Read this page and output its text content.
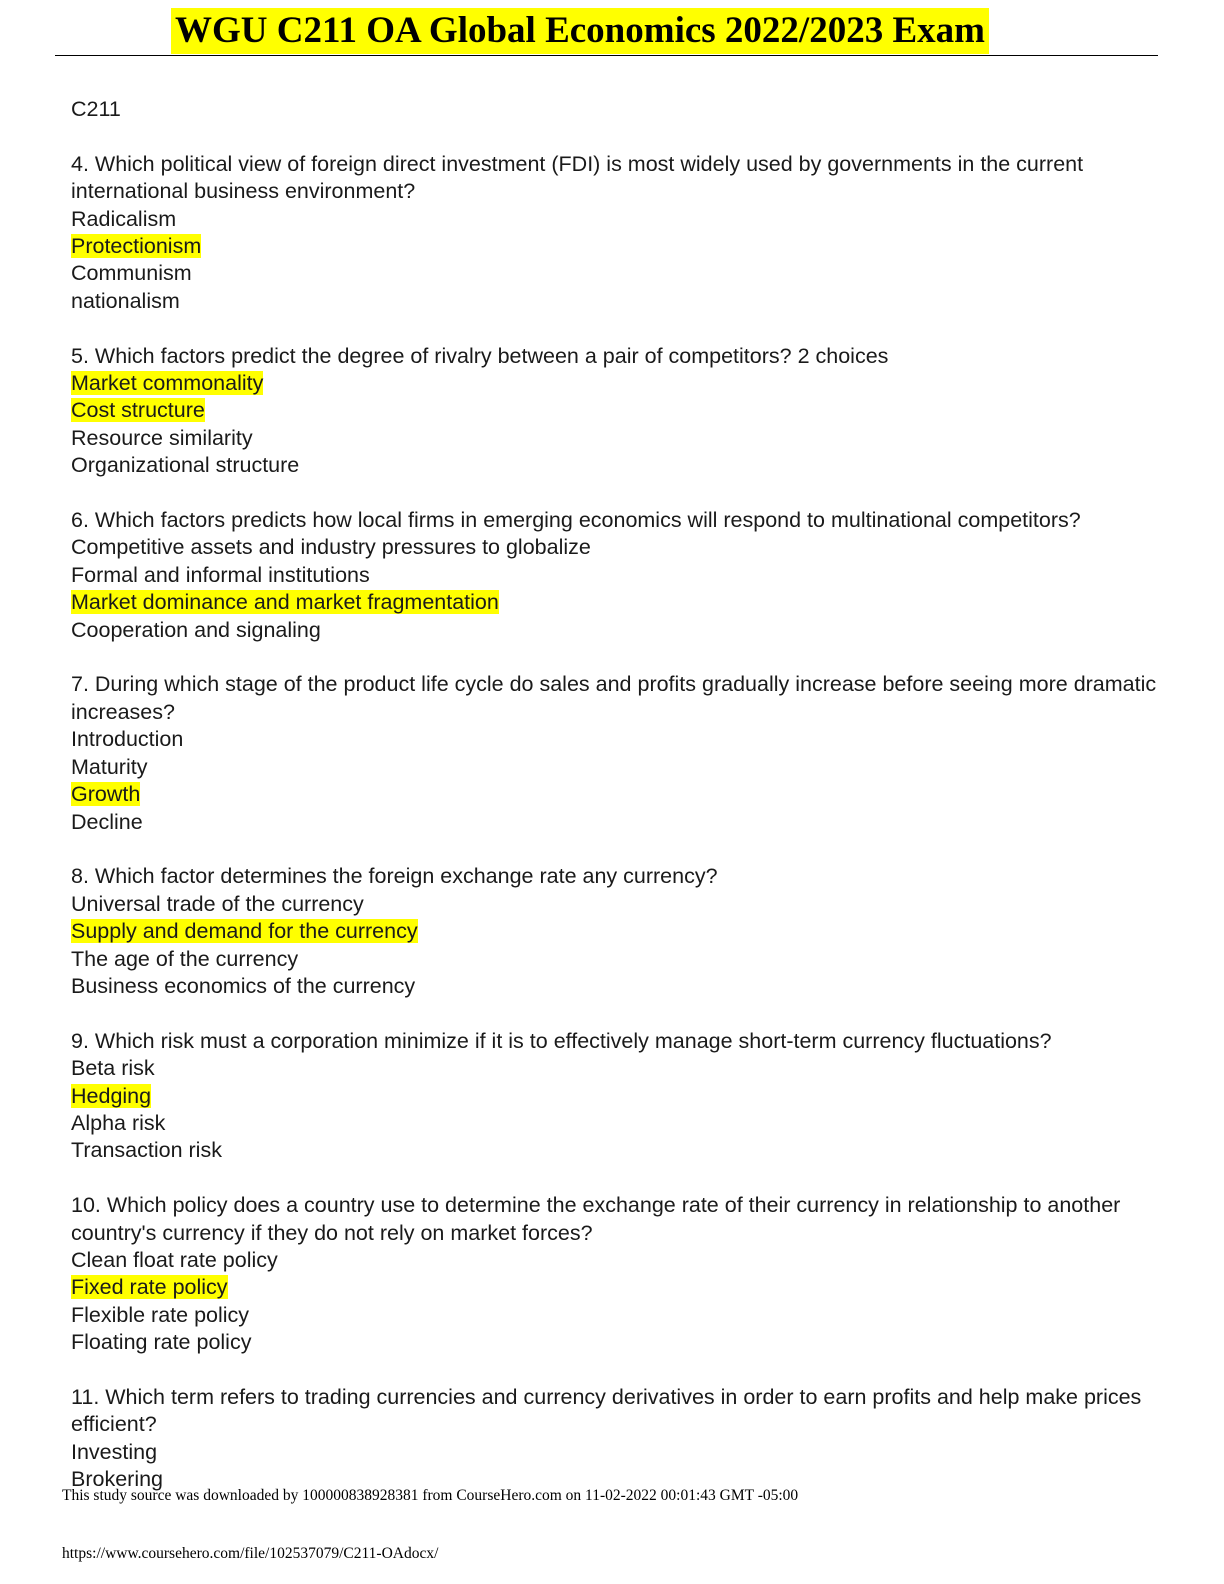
WGU C211 OA Global Economics 2022/2023 Exam

C211

4. Which political view of foreign direct investment (FDI) is most widely used by governments in the current international business environment?

Radicalism

Protectionism

Communism

nationalism

5. Which factors predict the degree of rivalry between a pair of competitors? 2 choices

Market commonality

Cost structure

Resource similarity

Organizational structure

6. Which factors predicts how local firms in emerging economics will respond to multinational competitors?

Competitive assets and industry pressures to globalize

Formal and informal institutions

Market dominance and market fragmentation

Cooperation and signaling

7. During which stage of the product life cycle do sales and profits gradually increase before seeing more dramatic increases?

Introduction

Maturity

Growth

Decline

8. Which factor determines the foreign exchange rate any currency?

Universal trade of the currency

Supply and demand for the currency

The age of the currency

Business economics of the currency

9. Which risk must a corporation minimize if it is to effectively manage short-term currency fluctuations?

Beta risk

Hedging

Alpha risk

Transaction risk

10. Which policy does a country use to determine the exchange rate of their currency in relationship to another country's currency if they do not rely on market forces?

Clean float rate policy

Fixed rate policy

Flexible rate policy

Floating rate policy

11. Which term refers to trading currencies and currency derivatives in order to earn profits and help make prices efficient?

Investing

Brokering

This study source was downloaded by 100000838928381 from CourseHero.com on 11-02-2022 00:01:43 GMT -05:00
https://www.coursehero.com/file/102537079/C211-OAdocx/
